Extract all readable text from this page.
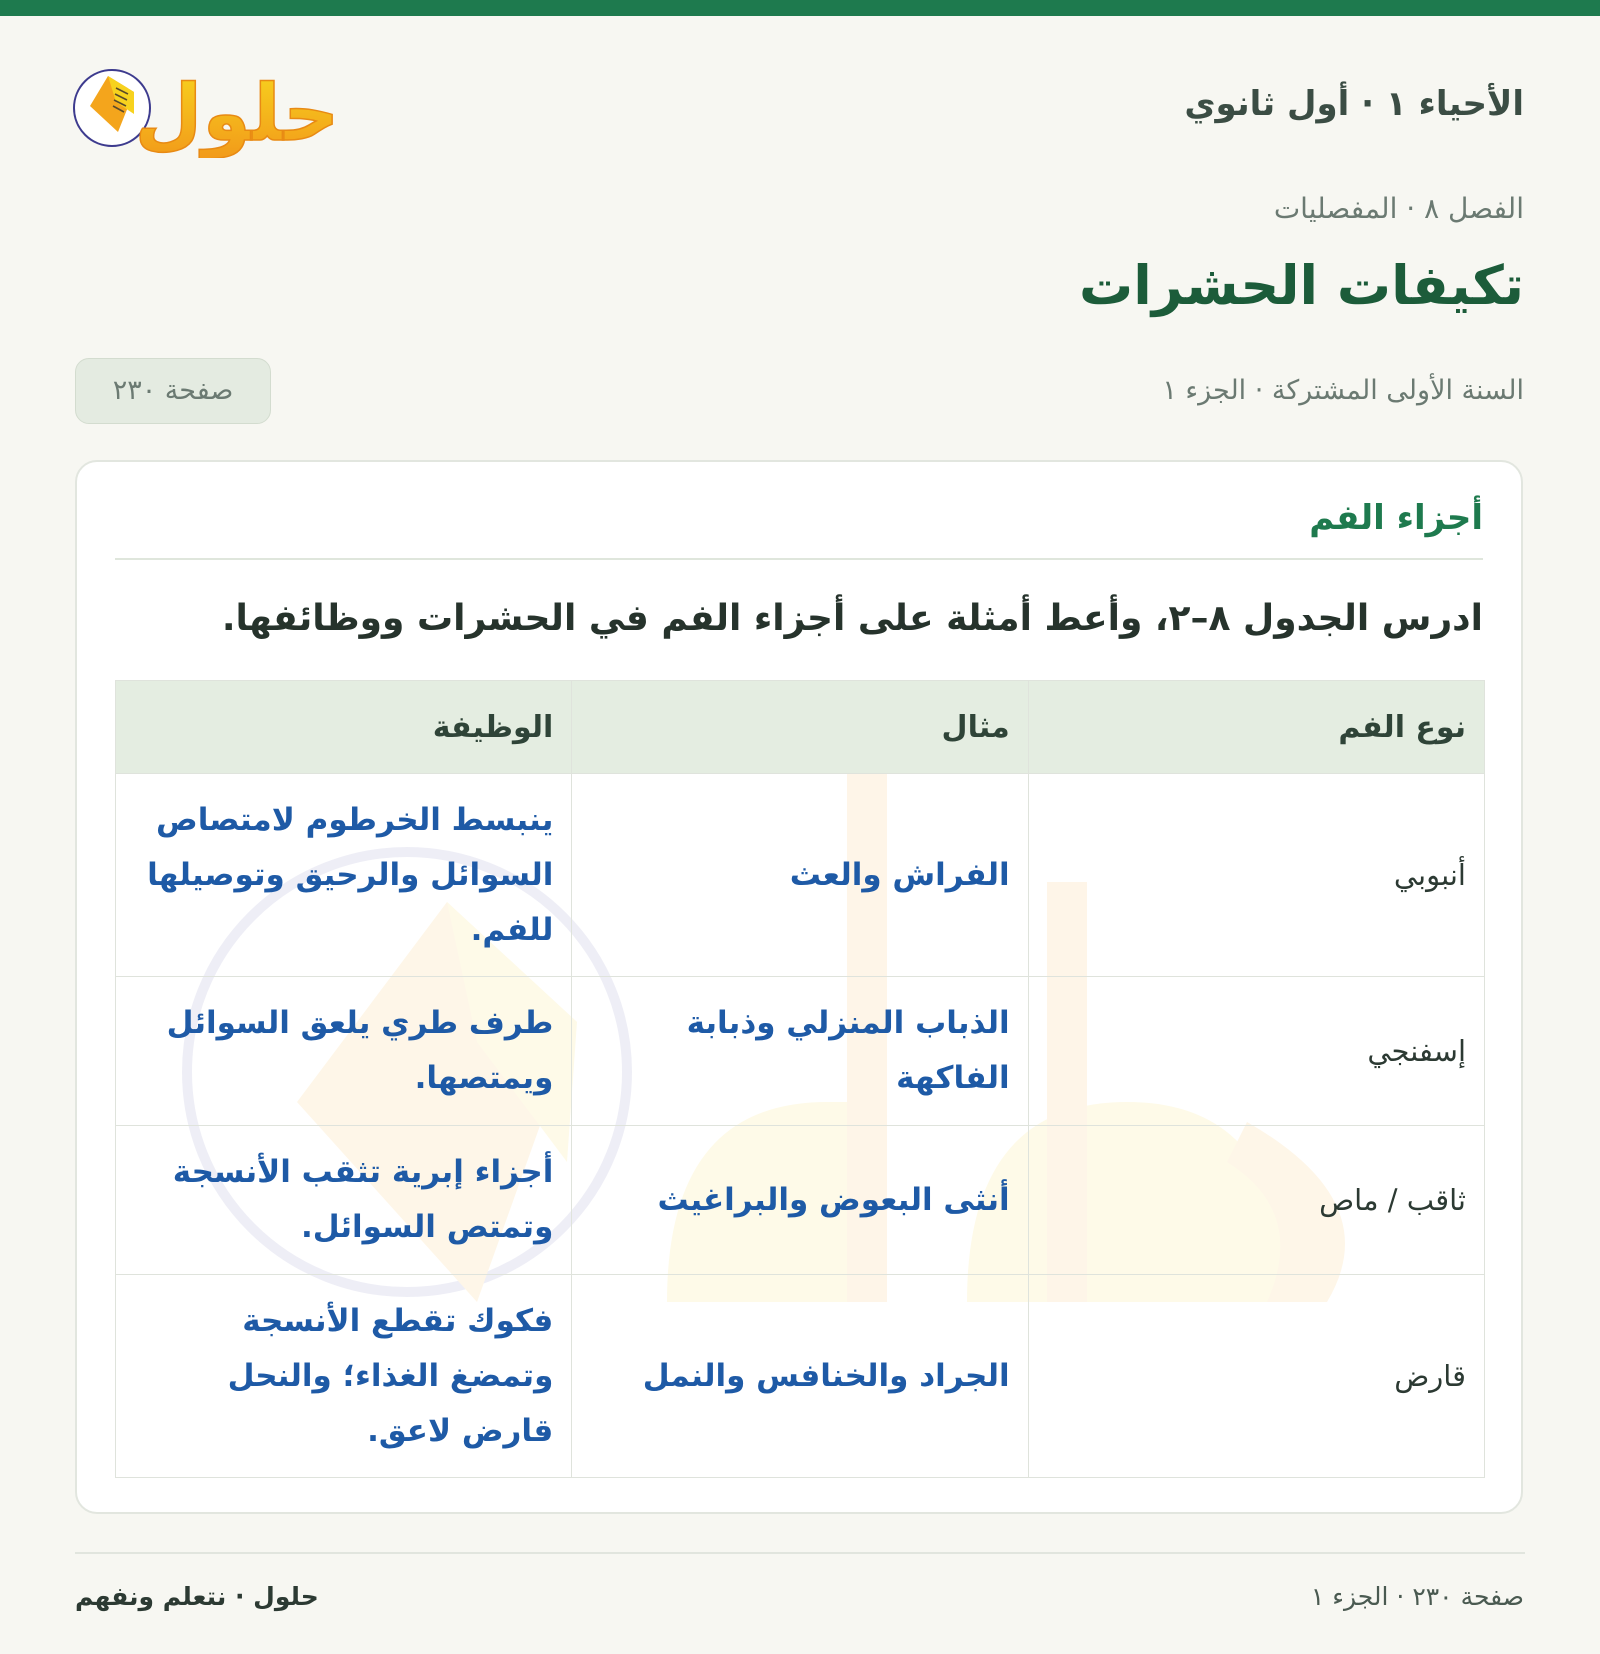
الأحياء ١ · أول ثانوي
حلول

الفصل ٨ · المفصليات

تكيفات الحشرات

السنة الأولى المشتركة · الجزء ١

صفحة ٢٣٠
أجزاء الفم

ادرس الجدول ٨–٢، وأعط أمثلة على أجزاء الفم في الحشرات ووظائفها.

نوع الفم	مثال	الوظيفة
أنبوبي	الفراش والعث	ينبسط الخرطوم لامتصاص السوائل والرحيق وتوصيلها للفم.
إسفنجي	الذباب المنزلي وذبابة الفاكهة	طرف طري يلعق السوائل ويمتصها.
ثاقب / ماص	أنثى البعوض والبراغيث	أجزاء إبرية تثقب الأنسجة وتمتص السوائل.
قارض	الجراد والخنافس والنمل	فكوك تقطع الأنسجة وتمضغ الغذاء؛ والنحل قارض لاعق.

صفحة ٢٣٠ · الجزء ١

حلول · نتعلم ونفهم
